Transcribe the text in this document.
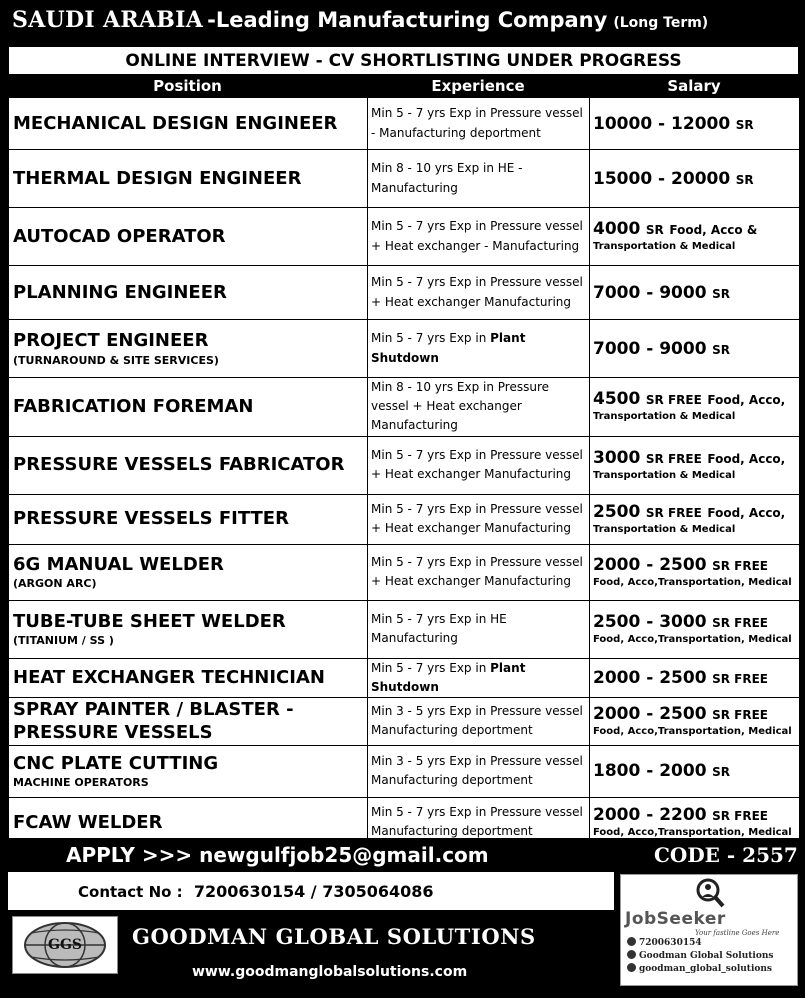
SAUDI ARABIA -Leading Manufacturing Company (Long Term)
ONLINE INTERVIEW - CV SHORTLISTING UNDER PROGRESS
Position	Experience	Salary
MECHANICAL DESIGN ENGINEER	Min 5 - 7 yrs Exp in Pressure vessel - Manufacturing deportment	10000 - 12000 SR
THERMAL DESIGN ENGINEER	Min 8 - 10 yrs Exp in HE - Manufacturing	15000 - 20000 SR
AUTOCAD OPERATOR	Min 5 - 7 yrs Exp in Pressure vessel + Heat exchanger - Manufacturing	4000 SR Food, Acco &
Transportation & Medical

PLANNING ENGINEER	Min 5 - 7 yrs Exp in Pressure vessel + Heat exchanger Manufacturing	7000 - 9000 SR
PROJECT ENGINEER
(TURNAROUND & SITE SERVICES)	Min 5 - 7 yrs Exp in Plant Shutdown	7000 - 9000 SR
FABRICATION FOREMAN	Min 8 - 10 yrs Exp in Pressure vessel + Heat exchanger Manufacturing	4500 SR FREE Food, Acco,
Transportation & Medical

PRESSURE VESSELS FABRICATOR	Min 5 - 7 yrs Exp in Pressure vessel + Heat exchanger Manufacturing	3000 SR FREE Food, Acco,
Transportation & Medical

PRESSURE VESSELS FITTER	Min 5 - 7 yrs Exp in Pressure vessel + Heat exchanger Manufacturing	2500 SR FREE Food, Acco,
Transportation & Medical

6G MANUAL WELDER
(ARGON ARC)	Min 5 - 7 yrs Exp in Pressure vessel + Heat exchanger Manufacturing	2000 - 2500 SR FREE
Food, Acco,Transportation, Medical

TUBE-TUBE SHEET WELDER
(TITANIUM / SS )	Min 5 - 7 yrs Exp in HE Manufacturing	2500 - 3000 SR FREE
Food, Acco,Transportation, Medical

HEAT EXCHANGER TECHNICIAN	Min 5 - 7 yrs Exp in Plant Shutdown	2000 - 2500 SR FREE
SPRAY PAINTER / BLASTER - PRESSURE VESSELS	Min 3 - 5 yrs Exp in Pressure vessel Manufacturing deportment	2000 - 2500 SR FREE
Food, Acco,Transportation, Medical

CNC PLATE CUTTING
MACHINE OPERATORS	Min 3 - 5 yrs Exp in Pressure vessel Manufacturing deportment	1800 - 2000 SR
FCAW WELDER	Min 5 - 7 yrs Exp in Pressure vessel Manufacturing deportment	2000 - 2200 SR FREE
Food, Acco,Transportation, Medical
APPLY >>> newgulfjob25@gmail.com	CODE - 2557
Contact No : 7200630154 / 7305064086
GGS GOODMAN GLOBAL SOLUTIONS
www.goodmanglobalsolutions.com
JobSeeker
Your fastline Goes Here
7200630154
Goodman Global Solutions
goodman_global_solutions
